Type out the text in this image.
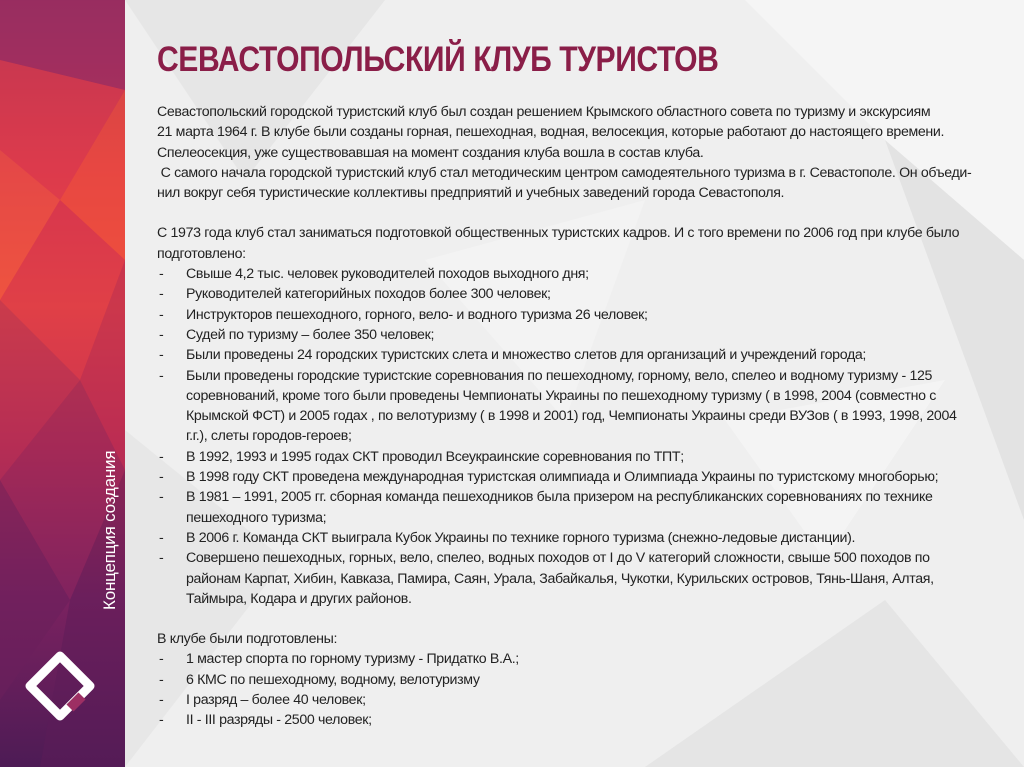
Концепция создания
СЕВАСТОПОЛЬСКИЙ КЛУБ ТУРИСТОВ
Севастопольский городской туристский клуб был создан решением Крымского областного совета по туризму и экскурсиям
21 марта 1964 г. В клубе были созданы горная, пешеходная, водная, велосекция, которые работают до настоящего времени.
Спелеосекция, уже существовавшая на момент создания клуба вошла в состав клуба.
С самого начала городской туристский клуб стал методическим центром самодеятельного туризма в г. Севастополе. Он объеди-
нил вокруг себя туристические коллективы предприятий и учебных заведений города Севастополя.
С 1973 года клуб стал заниматься подготовкой общественных туристских кадров. И с того времени по 2006 год при клубе было
подготовлено:
- Свыше 4,2 тыс. человек руководителей походов выходного дня;
- Руководителей категорийных походов более 300 человек;
- Инструкторов пешеходного, горного, вело- и водного туризма 26 человек;
- Судей по туризму – более 350 человек;
- Были проведены 24 городских туристских слета и множество слетов для организаций и учреждений города;
- Были проведены городские туристские соревнования по пешеходному, горному, вело, спелео и водному туризму - 125
соревнований, кроме того были проведены Чемпионаты Украины по пешеходному туризму ( в 1998, 2004 (совместно с
Крымской ФСТ) и 2005 годах , по велотуризму ( в 1998 и 2001) год, Чемпионаты Украины среди ВУЗов ( в 1993, 1998, 2004
г.г.), слеты городов-героев;
- В 1992, 1993 и 1995 годах СКТ проводил Всеукраинские соревнования по ТПТ;
- В 1998 году СКТ проведена международная туристская олимпиада и Олимпиада Украины по туристскому многоборью;
- В 1981 – 1991, 2005 гг. сборная команда пешеходников была призером на республиканских соревнованиях по технике
пешеходного туризма;
- В 2006 г. Команда СКТ выиграла Кубок Украины по технике горного туризма (снежно-ледовые дистанции).
- Совершено пешеходных, горных, вело, спелео, водных походов от I до V категорий сложности, свыше 500 походов по
районам Карпат, Хибин, Кавказа, Памира, Саян, Урала, Забайкалья, Чукотки, Курильских островов, Тянь-Шаня, Алтая,
Таймыра, Кодара и других районов.
В клубе были подготовлены:
- 1 мастер спорта по горному туризму - Придатко В.А.;
- 6 КМС по пешеходному, водному, велотуризму
- I разряд – более 40 человек;
- II - III разряды - 2500 человек;
